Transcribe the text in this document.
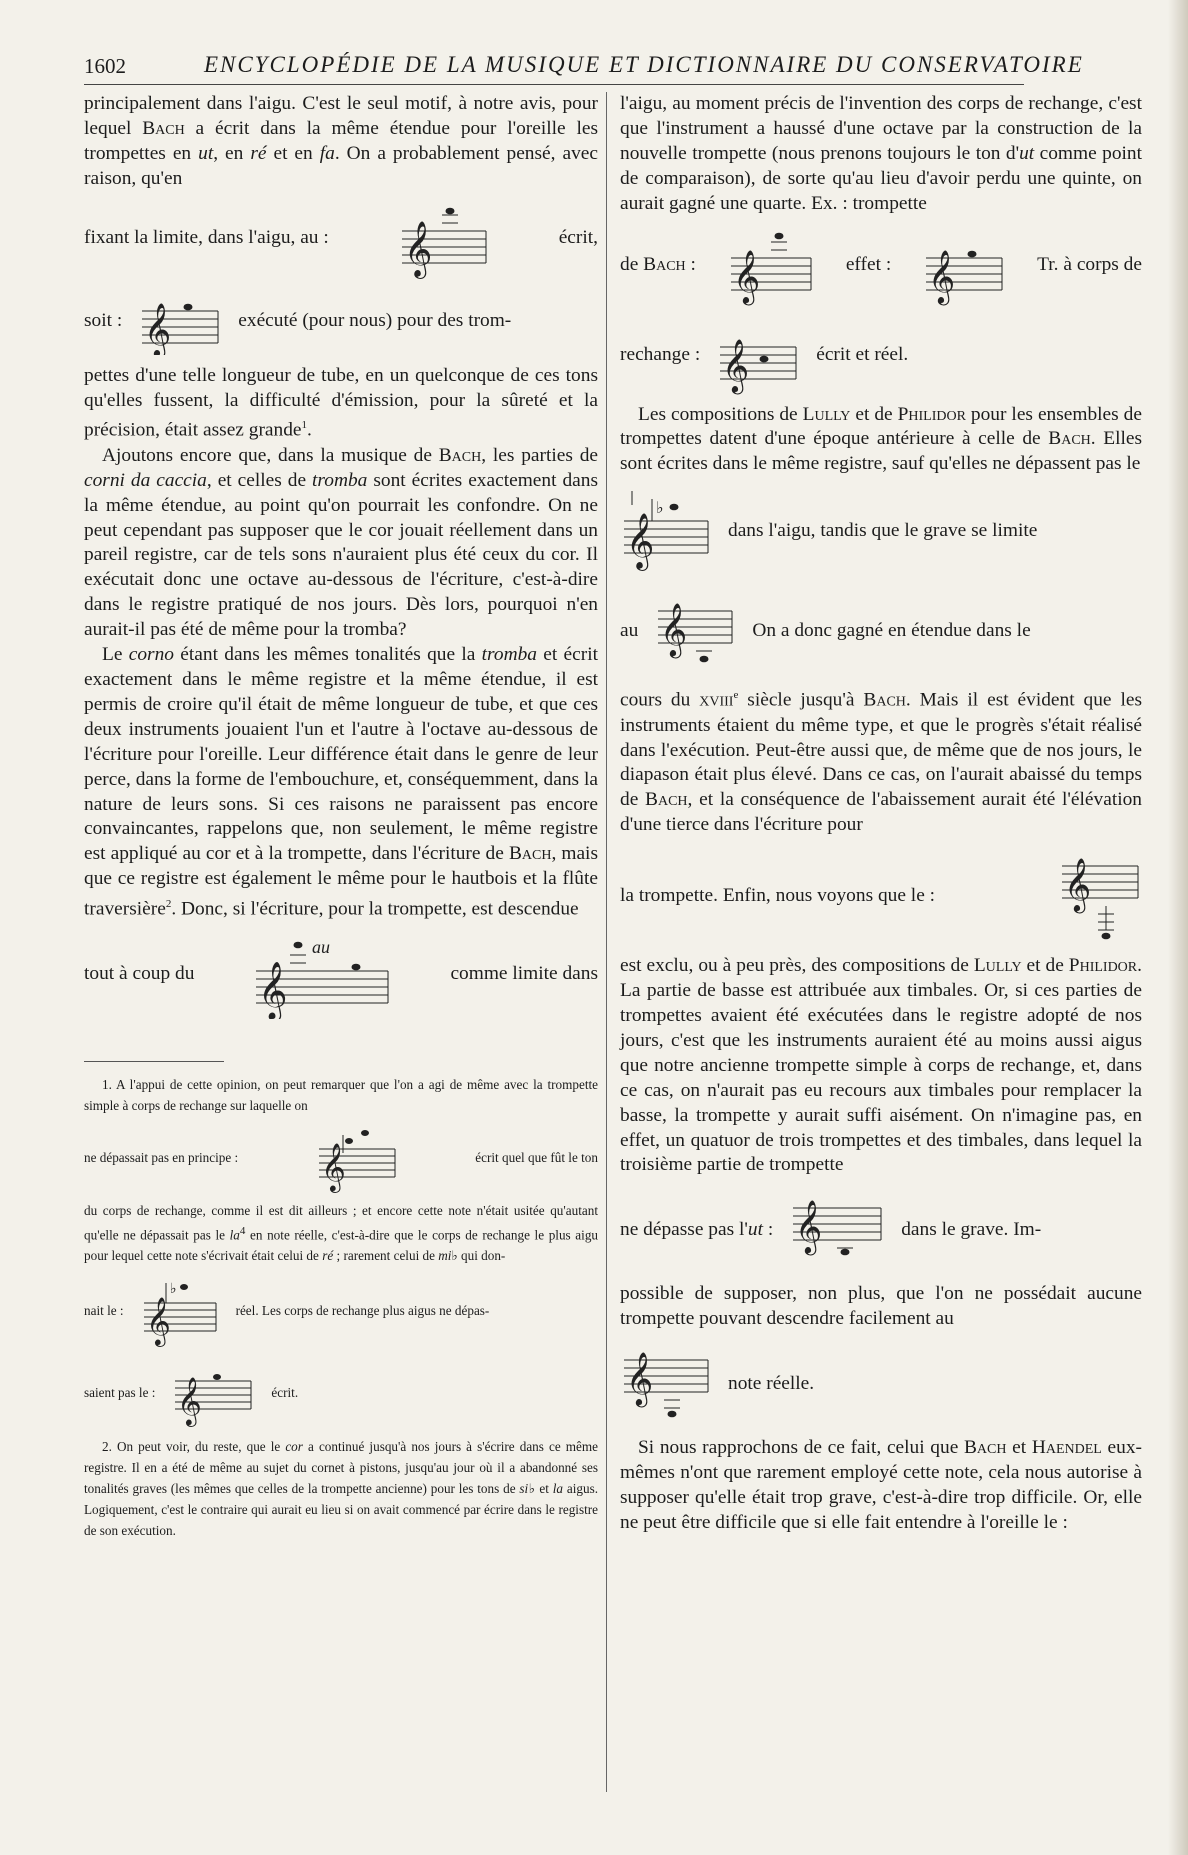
1602	ENCYCLOPÉDIE DE LA MUSIQUE ET DICTIONNAIRE DU CONSERVATOIRE

principalement dans l'aigu. C'est le seul motif, à notre avis, pour lequel Bach a écrit dans la même étendue pour l'oreille les trompettes en ut, en ré et en fa. On a probablement pensé, avec raison, qu'en

fixant la limite, dans l'aigu, au : 𝄞	écrit,
soit : 𝄞	exécuté (pour nous) pour des trom-

pettes d'une telle longueur de tube, en un quelconque de ces tons qu'elles fussent, la difficulté d'émission, pour la sûreté et la précision, était assez grande$^1$.

Ajoutons encore que, dans la musique de Bach, les parties de corni da caccia, et celles de tromba sont écrites exactement dans la même étendue, au point qu'on pourrait les confondre. On ne peut cependant pas supposer que le cor jouait réellement dans un pareil registre, car de tels sons n'auraient plus été ceux du cor. Il exécutait donc une octave au-dessous de l'écriture, c'est-à-dire dans le registre pratiqué de nos jours. Dès lors, pourquoi n'en aurait-il pas été de même pour la tromba?

Le corno étant dans les mêmes tonalités que la tromba et écrit exactement dans le même registre et la même étendue, il est permis de croire qu'il était de même longueur de tube, et que ces deux instruments jouaient l'un et l'autre à l'octave au-dessous de l'écriture pour l'oreille. Leur différence était dans le genre de leur perce, dans la forme de l'embouchure, et, conséquemment, dans la nature de leurs sons. Si ces raisons ne paraissent pas encore convaincantes, rappelons que, non seulement, le même registre est appliqué au cor et à la trompette, dans l'écriture de Bach, mais que ce registre est également le même pour le hautbois et la flûte traversière$^2$. Donc, si l'écriture, pour la trompette, est descendue

tout à coup du 𝄞
au
comme limite dans

1. A l'appui de cette opinion, on peut remarquer que l'on a agi de même avec la trompette simple à corps de rechange sur laquelle on

ne dépassait pas en principe : 𝄞	écrit quel que fût le ton

du corps de rechange, comme il est dit ailleurs ; et encore cette note n'était usitée qu'autant qu'elle ne dépassait pas le $la^4$ en note réelle, c'est-à-dire que le corps de rechange le plus aigu pour lequel cette note s'écrivait était celui de ré ; rarement celui de mi♭ qui don-

nait le : 𝄞
♭
réel. Les corps de rechange plus aigus ne dépas-
saient pas le : 𝄞	écrit.

2. On peut voir, du reste, que le cor a continué jusqu'à nos jours à s'écrire dans ce même registre. Il en a été de même au sujet du cornet à pistons, jusqu'au jour où il a abandonné ses tonalités graves (les mêmes que celles de la trompette ancienne) pour les tons de si♭ et la aigus. Logiquement, c'est le contraire qui aurait eu lieu si on avait commencé par écrire dans le registre de son exécution.

l'aigu, au moment précis de l'invention des corps de rechange, c'est que l'instrument a haussé d'une octave par la construction de la nouvelle trompette (nous prenons toujours le ton d'ut comme point de comparaison), de sorte qu'au lieu d'avoir perdu une quinte, on aurait gagné une quarte. Ex. : trompette

de Bach : 𝄞	effet : 𝄞	Tr. à corps de
rechange : 𝄞	écrit et réel.

Les compositions de Lully et de Philidor pour les ensembles de trompettes datent d'une époque antérieure à celle de Bach. Elles sont écrites dans le même registre, sauf qu'elles ne dépassent pas le

𝄞
♭
dans l'aigu, tandis que le grave se limite
au 𝄞	On a donc gagné en étendue dans le

cours du xviii$^e$ siècle jusqu'à Bach. Mais il est évident que les instruments étaient du même type, et que le progrès s'était réalisé dans l'exécution. Peut-être aussi que, de même que de nos jours, le diapason était plus élevé. Dans ce cas, on l'aurait abaissé du temps de Bach, et la conséquence de l'abaissement aurait été l'élévation d'une tierce dans l'écriture pour

la trompette. Enfin, nous voyons que le :	𝄞

est exclu, ou à peu près, des compositions de Lully et de Philidor. La partie de basse est attribuée aux timbales. Or, si ces parties de trompettes avaient été exécutées dans le registre adopté de nos jours, c'est que les instruments auraient été au moins aussi aigus que notre ancienne trompette simple à corps de rechange, et, dans ce cas, on n'aurait pas eu recours aux timbales pour remplacer la basse, la trompette y aurait suffi aisément. On n'imagine pas, en effet, un quatuor de trois trompettes et des timbales, dans lequel la troisième partie de trompette

ne dépasse pas l'ut : 𝄞	dans le grave. Im-

possible de supposer, non plus, que l'on ne possédait aucune trompette pouvant descendre facilement au

𝄞	note réelle.

Si nous rapprochons de ce fait, celui que Bach et Haendel eux-mêmes n'ont que rarement employé cette note, cela nous autorise à supposer qu'elle était trop grave, c'est-à-dire trop difficile. Or, elle ne peut être difficile que si elle fait entendre à l'oreille le :
